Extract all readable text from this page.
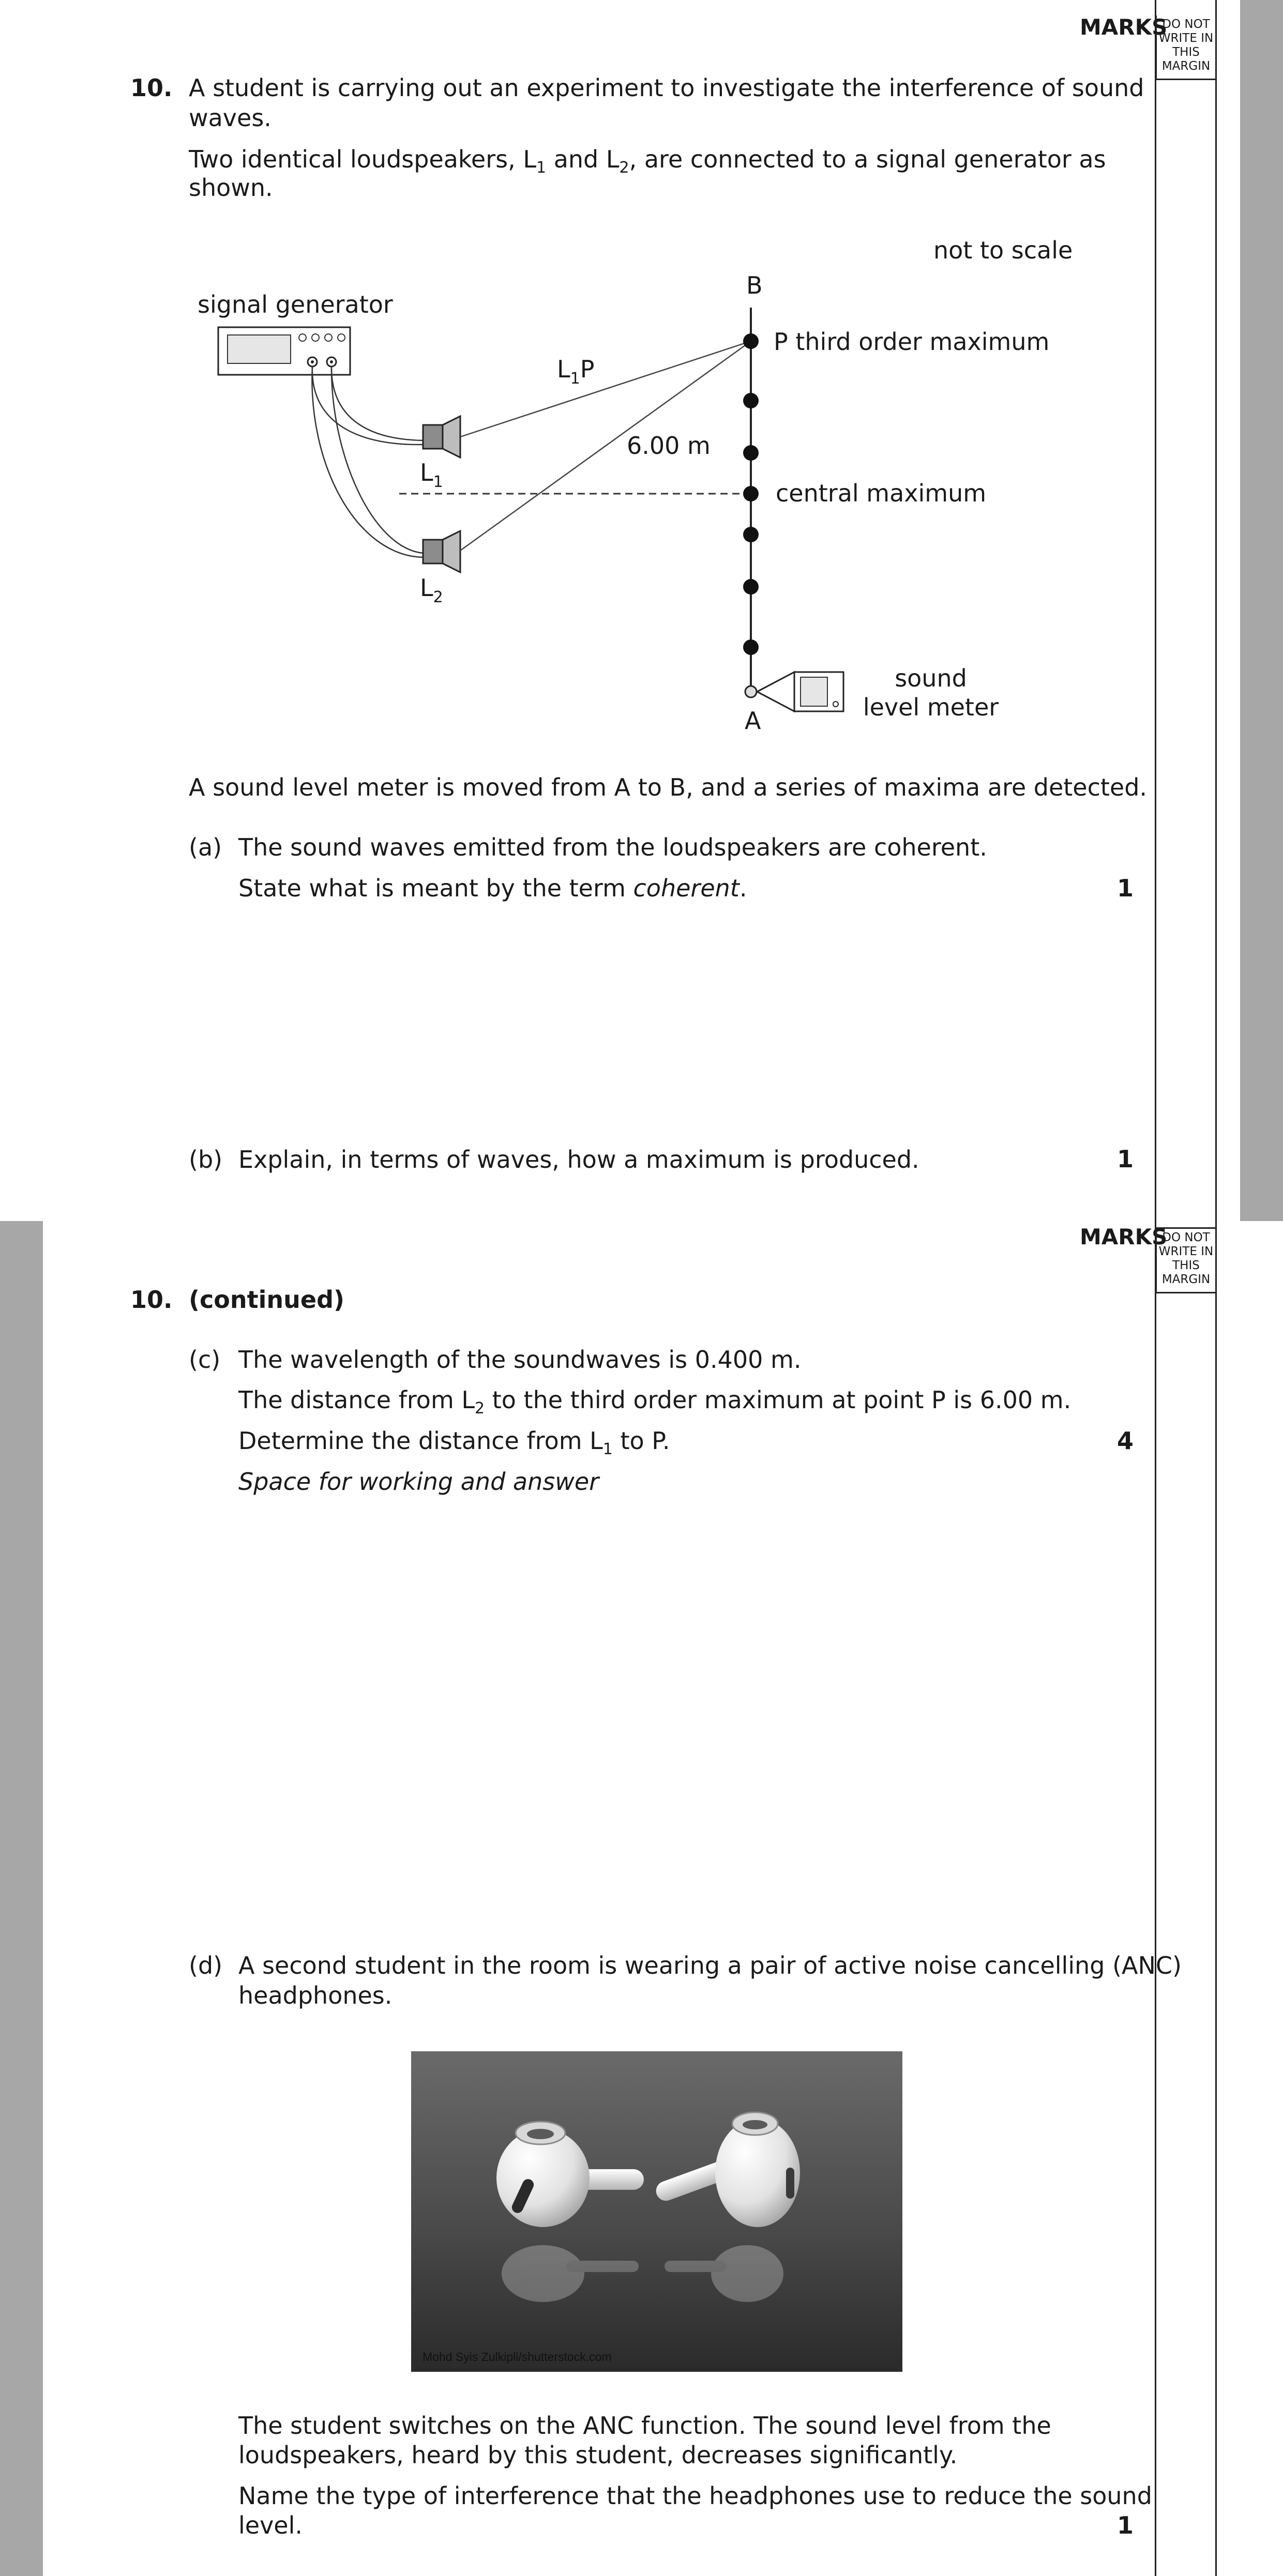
MARKS
DO NOT
WRITE IN
THIS
MARGIN
10. A student is carrying out an experiment to investigate the interference of sound
waves.
Two identical loudspeakers, $L_1$ and $L_2$, are connected to a signal generator as
shown.
not to scale
signal generator
B
$L_1P$
6.00 m
P third order maximum
central maximum
$L_1$
$L_2$
A
sound
level meter
A sound level meter is moved from A to B, and a series of maxima are detected.
(a) The sound waves emitted from the loudspeakers are coherent.
State what is meant by the term coherent.	1
(b) Explain, in terms of waves, how a maximum is produced.	1
MARKS
DO NOT
WRITE IN
THIS
MARGIN
10. (continued)
(c) The wavelength of the soundwaves is 0.400 m.
The distance from $L_2$ to the third order maximum at point P is 6.00 m.
Determine the distance from $L_1$ to P.	4
Space for working and answer
(d) A second student in the room is wearing a pair of active noise cancelling (ANC)
headphones.
Mohd Syis Zulkipli/shutterstock.com
The student switches on the ANC function. The sound level from the
loudspeakers, heard by this student, decreases significantly.
Name the type of interference that the headphones use to reduce the sound
level.	1
